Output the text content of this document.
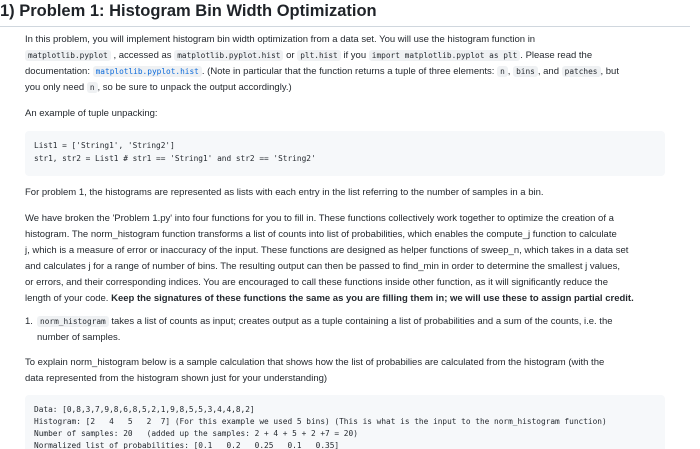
1) Problem 1: Histogram Bin Width Optimization
In this problem, you will implement histogram bin width optimization from a data set. You will use the histogram function in
matplotlib.pyplot , accessed as matplotlib.pyplot.hist or plt.hist if you import matplotlib.pyplot as plt . Please read the
documentation: matplotlib.pyplot.hist . (Note in particular that the function returns a tuple of three elements: n , bins , and patches , but
you only need n , so be sure to unpack the output accordingly.)
An example of tuple unpacking:
List1 = ['String1', 'String2']
str1, str2 = List1 # str1 == 'String1' and str2 == 'String2'
For problem 1, the histograms are represented as lists with each entry in the list referring to the number of samples in a bin.
We have broken the 'Problem 1.py' into four functions for you to fill in. These functions collectively work together to optimize the creation of a
histogram. The norm_histogram function transforms a list of counts into list of probabilities, which enables the compute_j function to calculate
j, which is a measure of error or inaccuracy of the input. These functions are designed as helper functions of sweep_n, which takes in a data set
and calculates j for a range of number of bins. The resulting output can then be passed to find_min in order to determine the smallest j values,
or errors, and their corresponding indices. You are encouraged to call these functions inside other function, as it will significantly reduce the
length of your code. Keep the signatures of these functions the same as you are filling them in; we will use these to assign partial credit.
1. norm_histogram takes a list of counts as input; creates output as a tuple containing a list of probabilities and a sum of the counts, i.e. the
number of samples.
To explain norm_histogram below is a sample calculation that shows how the list of probabilies are calculated from the histogram (with the
data represented from the histogram shown just for your understanding)
Data: [0,8,3,7,9,8,6,8,5,2,1,9,8,5,5,3,4,4,8,2]
Histogram: [2   4   5   2  7] (For this example we used 5 bins) (This is what is the input to the norm_histogram function)
Number of samples: 20   (added up the samples: 2 + 4 + 5 + 2 +7 = 20)
Normalized list of probabilities: [0.1   0.2   0.25   0.1   0.35]
